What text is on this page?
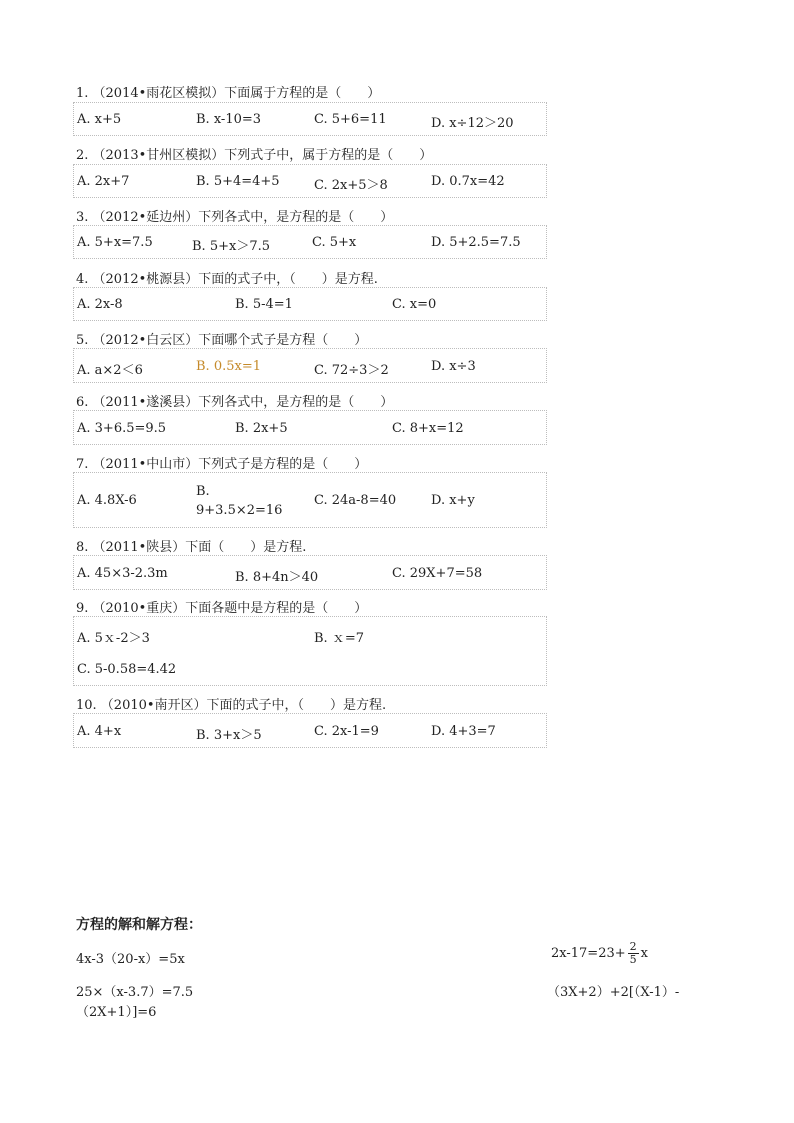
1. （2014•雨花区模拟）下面属于方程的是（　　）
A. x+5	B. x-10=3	C. 5+6=11	D. x÷12＞20
2. （2013•甘州区模拟）下列式子中，属于方程的是（　　）
A. 2x+7	B. 5+4=4+5	C. 2x+5＞8	D. 0.7x=42
3. （2012•延边州）下列各式中，是方程的是（　　）
A. 5+x=7.5	B. 5+x＞7.5	C. 5+x	D. 5+2.5=7.5
4. （2012•桃源县）下面的式子中，（　　）是方程.
A. 2x-8	B. 5-4=1	C. x=0
5. （2012•白云区）下面哪个式子是方程（　　）
A. a×2＜6	B. 0.5x=1	C. 72÷3＞2	D. x÷3
6. （2011•遂溪县）下列各式中，是方程的是（　　）
A. 3+6.5=9.5	B. 2x+5	C. 8+x=12
7. （2011•中山市）下列式子是方程的是（　　）
A. 4.8X-6
B. 9+3.5×2=16
C. 24a-8=40	D. x+y
8. （2011•陕县）下面（　　）是方程.
A. 45×3-2.3m	B. 8+4n＞40	C. 29X+7=58
9. （2010•重庆）下面各题中是方程的是（　　）
A. 5ｘ-2＞3	B. ｘ=7
C. 5-0.58=4.42
10. （2010•南开区）下面的式子中，（　　）是方程.
A. 4+x	B. 3+x＞5	C. 2x-1=9	D. 4+3=7
方程的解和解方程：
4x-3（20-x）=5x	$2x-17=23+ \frac{2}{5}$ x
25×（x-3.7）=7.5	（3X+2）+2[（X-1）-
（2X+1）]=6
